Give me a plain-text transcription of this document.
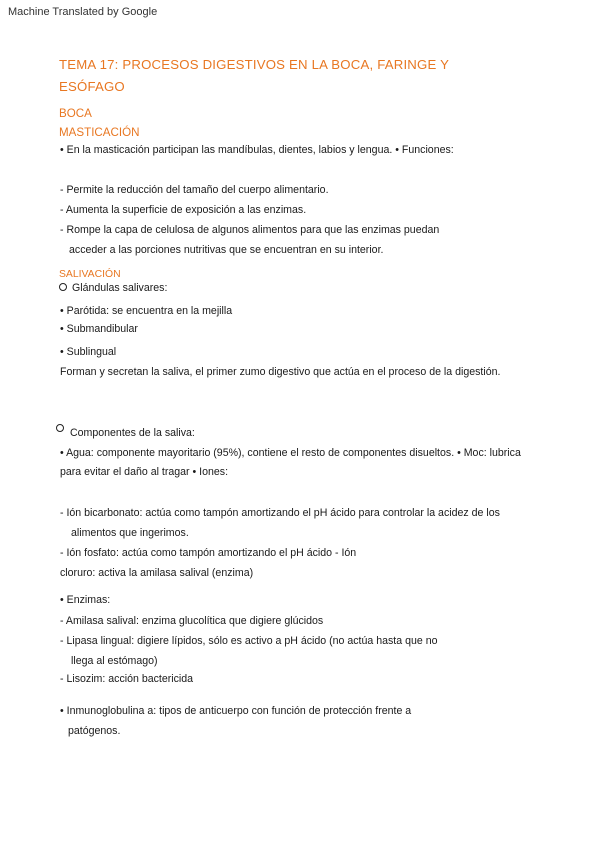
Machine Translated by Google
TEMA 17: PROCESOS DIGESTIVOS EN LA BOCA, FARINGE Y
ESÓFAGO
BOCA
MASTICACIÓN
• En la masticación participan las mandíbulas, dientes, labios y lengua. • Funciones:
- Permite la reducción del tamaño del cuerpo alimentario.
- Aumenta la superficie de exposición a las enzimas.
- Rompe la capa de celulosa de algunos alimentos para que las enzimas puedan
acceder a las porciones nutritivas que se encuentran en su interior.
SALIVACIÓN
Glándulas salivares:
• Parótida: se encuentra en la mejilla
• Submandibular
• Sublingual
Forman y secretan la saliva, el primer zumo digestivo que actúa en el proceso de la digestión.
Componentes de la saliva:
• Agua: componente mayoritario (95%), contiene el resto de componentes disueltos. • Moc: lubrica
para evitar el daño al tragar • Iones:
- Ión bicarbonato: actúa como tampón amortizando el pH ácido para controlar la acidez de los
alimentos que ingerimos.
- Ión fosfato: actúa como tampón amortizando el pH ácido - Ión
cloruro: activa la amilasa salival (enzima)
• Enzimas:
- Amilasa salival: enzima glucolítica que digiere glúcidos
- Lipasa lingual: digiere lípidos, sólo es activo a pH ácido (no actúa hasta que no
llega al estómago)
- Lisozim: acción bactericida
• Inmunoglobulina a: tipos de anticuerpo con función de protección frente a
patógenos.
